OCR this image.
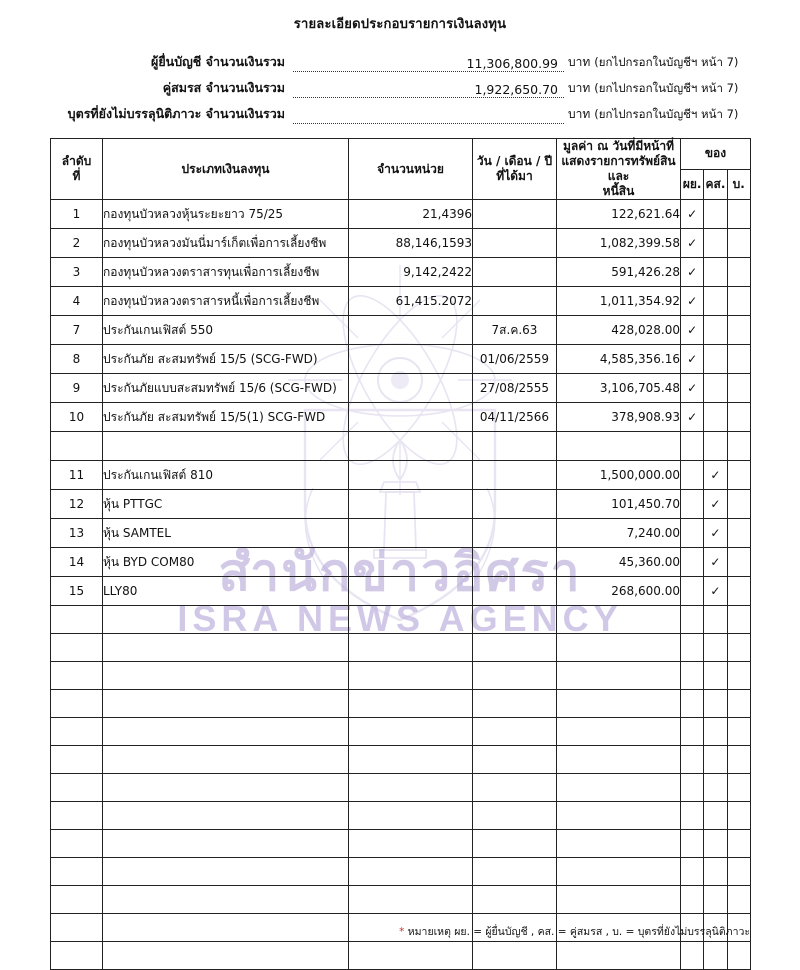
สำนักข่าวอิศรา
ISRA NEWS AGENCY
รายละเอียดประกอบรายการเงินลงทุน
ผู้ยื่นบัญชี จำนวนเงินรวม	11,306,800.99 บาท (ยกไปกรอกในบัญชีฯ หน้า 7)
คู่สมรส จำนวนเงินรวม	1,922,650.70 บาท (ยกไปกรอกในบัญชีฯ หน้า 7)
บุตรที่ยังไม่บรรลุนิติภาวะ จำนวนเงินรวม	บาท (ยกไปกรอกในบัญชีฯ หน้า 7)
ลำดับ
ที่
	ประเภทเงินลงทุน	จำนวนหน่วย	
วัน / เดือน / ปี
ที่ได้มา

มูลค่า ณ วันที่มีหน้าที่
แสดงรายการทรัพย์สินและ
หนี้สิน
	ของ
					ผย.	คส.	บ.
1	กองทุนบัวหลวงหุ้นระยะยาว 75/25	21,4396		122,621.64	✓		
2	กองทุนบัวหลวงมันนี่มาร์เก็ตเพื่อการเลี้ยงชีพ	88,146,1593		1,082,399.58	✓		
3	กองทุนบัวหลวงตราสารทุนเพื่อการเลี้ยงชีพ	9,142,2422		591,426.28	✓		
4	กองทุนบัวหลวงตราสารหนี้เพื่อการเลี้ยงชีพ	61,415.2072		1,011,354.92	✓		
7	ประกันเกนเฟิสต์ 550		7ส.ค.63	428,028.00	✓		
8	ประกันภัย สะสมทรัพย์ 15/5 (SCG-FWD)		01/06/2559	4,585,356.16	✓		
9	ประกันภัยแบบสะสมทรัพย์ 15/6 (SCG-FWD)		27/08/2555	3,106,705.48	✓		
10	ประกันภัย สะสมทรัพย์ 15/5(1) SCG-FWD		04/11/2566	378,908.93	✓		

11	ประกันเกนเฟิสต์ 810			1,500,000.00		✓	
12	หุ้น PTTGC			101,450.70		✓	
13	หุ้น SAMTEL			7,240.00		✓	
14	หุ้น BYD COM80			45,360.00		✓	
15	LLY80			268,600.00		✓	

* หมายเหตุ ผย. = ผู้ยื่นบัญชี , คส. = คู่สมรส , บ. = บุตรที่ยังไม่บรรลุนิติภาวะ
